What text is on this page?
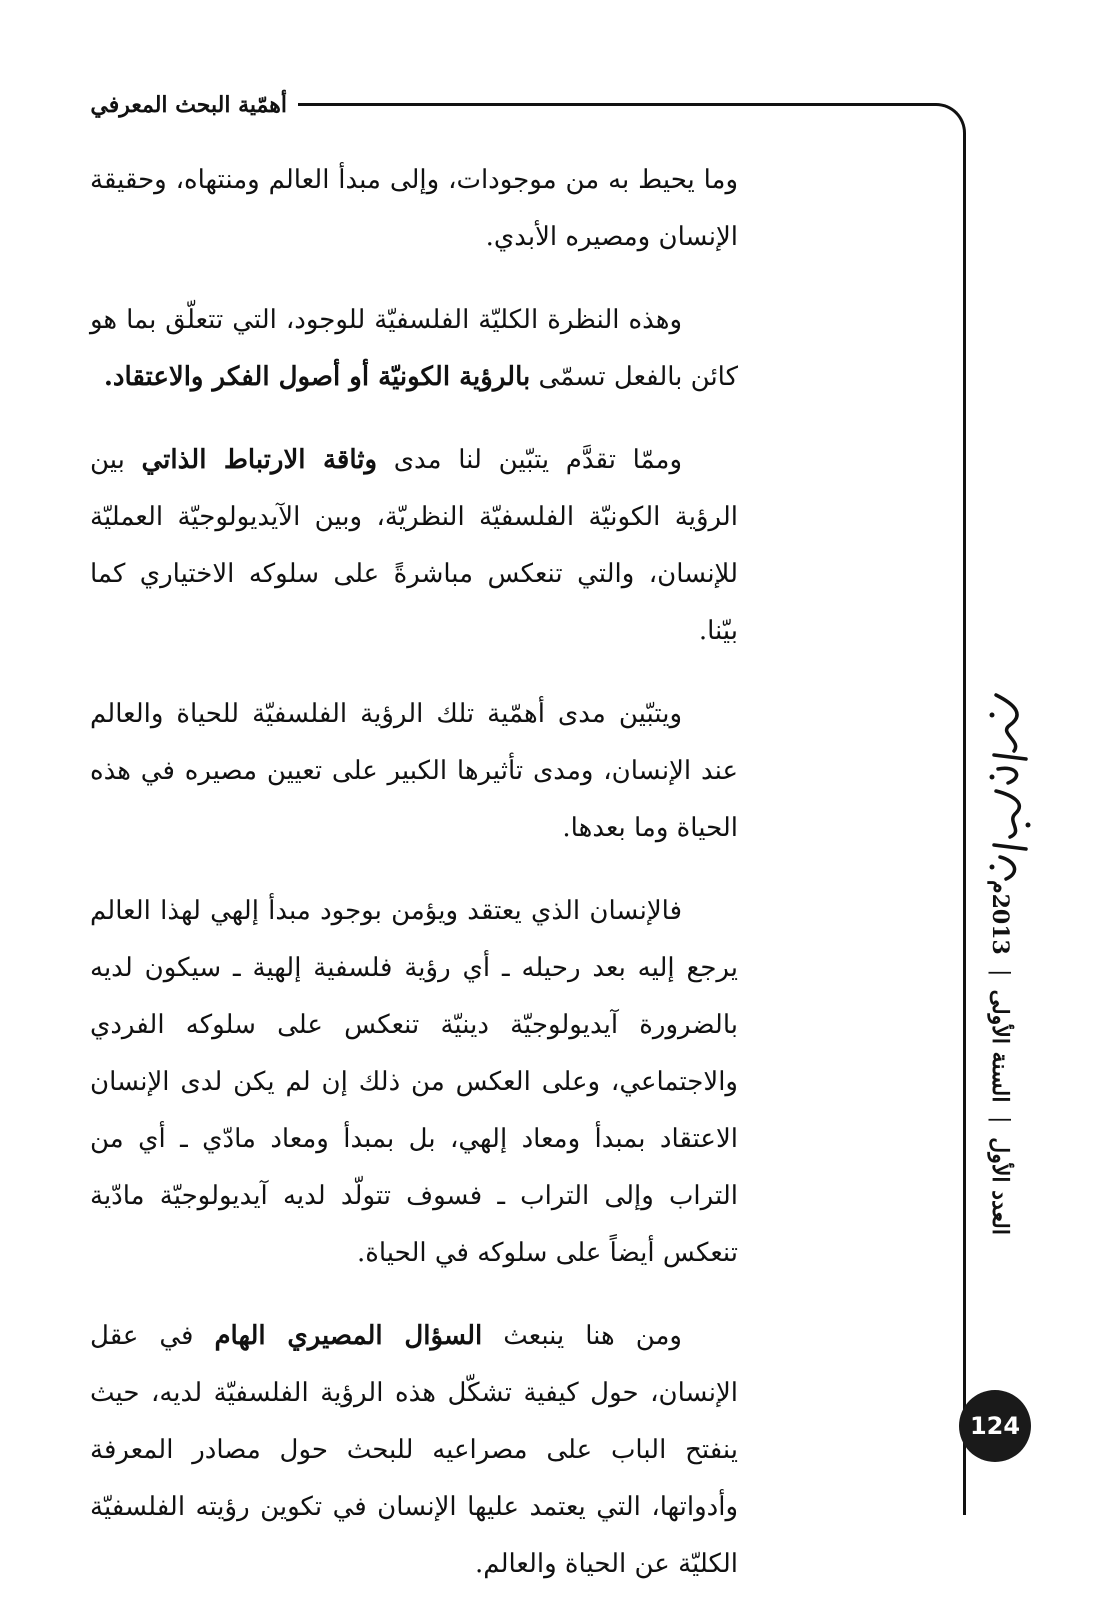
أهمّية البحث المعرفي

وما يحيط به من موجودات، وإلى مبدأ العالم ومنتهاه، وحقيقة الإنسان ومصيره الأبدي.

وهذه النظرة الكليّة الفلسفيّة للوجود، التي تتعلّق بما هو كائن بالفعل تسمّى بالرؤية الكونيّة أو أصول الفكر والاعتقاد.

وممّا تقدَّم يتبّين لنا مدى وثاقة الارتباط الذاتي بين الرؤية الكونيّة الفلسفيّة النظريّة، وبين الآيديولوجيّة العمليّة للإنسان، والتي تنعكس مباشرةً على سلوكه الاختياري كما بيّنا.

ويتبّين مدى أهمّية تلك الرؤية الفلسفيّة للحياة والعالم عند الإنسان، ومدى تأثيرها الكبير على تعيين مصيره في هذه الحياة وما بعدها.

فالإنسان الذي يعتقد ويؤمن بوجود مبدأ إلهي لهذا العالم يرجع إليه بعد رحيله ـ أي رؤية فلسفية إلهية ـ سيكون لديه بالضرورة آيديولوجيّة دينيّة تنعكس على سلوكه الفردي والاجتماعي، وعلى العكس من ذلك إن لم يكن لدى الإنسان الاعتقاد بمبدأ ومعاد إلهي، بل بمبدأ ومعاد مادّي ـ أي من التراب وإلى التراب ـ فسوف تتولّد لديه آيديولوجيّة مادّية تنعكس أيضاً على سلوكه في الحياة.

ومن هنا ينبعث السؤال المصيري الهام في عقل الإنسان، حول كيفية تشكّل هذه الرؤية الفلسفيّة لديه، حيث ينفتح الباب على مصراعيه للبحث حول مصادر المعرفة وأدواتها، التي يعتمد عليها الإنسان في تكوين رؤيته الفلسفيّة الكليّة عن الحياة والعالم.

العدد الأول | السنة الأولى | 2013م
124
